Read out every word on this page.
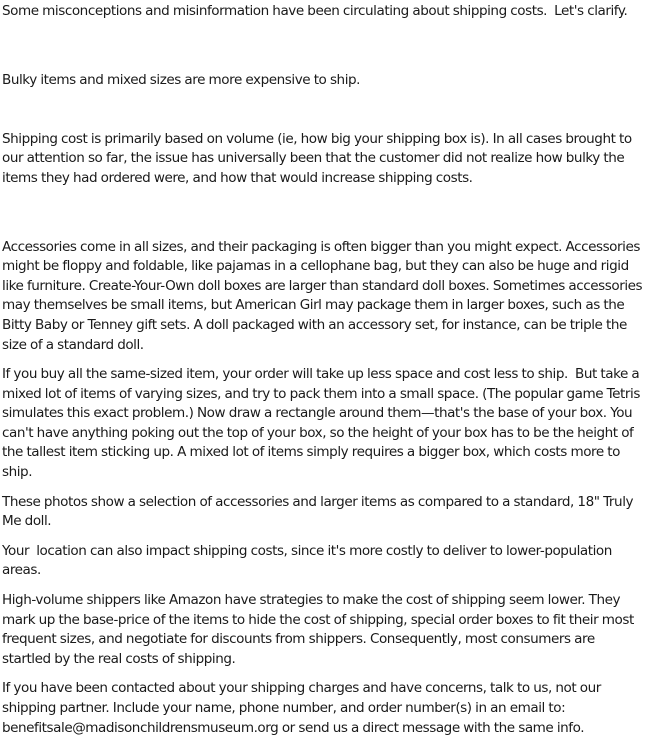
Some misconceptions and misinformation have been circulating about shipping costs.  Let's clarify.

Bulky items and mixed sizes are more expensive to ship.

Shipping cost is primarily based on volume (ie, how big your shipping box is). In all cases brought to our attention so far, the issue has universally been that the customer did not realize how bulky the items they had ordered were, and how that would increase shipping costs.

Accessories come in all sizes, and their packaging is often bigger than you might expect. Accessories might be floppy and foldable, like pajamas in a cellophane bag, but they can also be huge and rigid like furniture. Create-Your-Own doll boxes are larger than standard doll boxes. Sometimes accessories may themselves be small items, but American Girl may package them in larger boxes, such as the Bitty Baby or Tenney gift sets. A doll packaged with an accessory set, for instance, can be triple the size of a standard doll.

If you buy all the same-sized item, your order will take up less space and cost less to ship.  But take a mixed lot of items of varying sizes, and try to pack them into a small space. (The popular game Tetris simulates this exact problem.) Now draw a rectangle around them—that's the base of your box. You can't have anything poking out the top of your box, so the height of your box has to be the height of the tallest item sticking up. A mixed lot of items simply requires a bigger box, which costs more to ship.

These photos show a selection of accessories and larger items as compared to a standard, 18" Truly Me doll.

Your  location can also impact shipping costs, since it's more costly to deliver to lower-population areas.

High-volume shippers like Amazon have strategies to make the cost of shipping seem lower. They mark up the base-price of the items to hide the cost of shipping, special order boxes to fit their most frequent sizes, and negotiate for discounts from shippers. Consequently, most consumers are startled by the real costs of shipping.

If you have been contacted about your shipping charges and have concerns, talk to us, not our shipping partner. Include your name, phone number, and order number(s) in an email to: benefitsale@madisonchildrensmuseum.org or send us a direct message with the same info.
